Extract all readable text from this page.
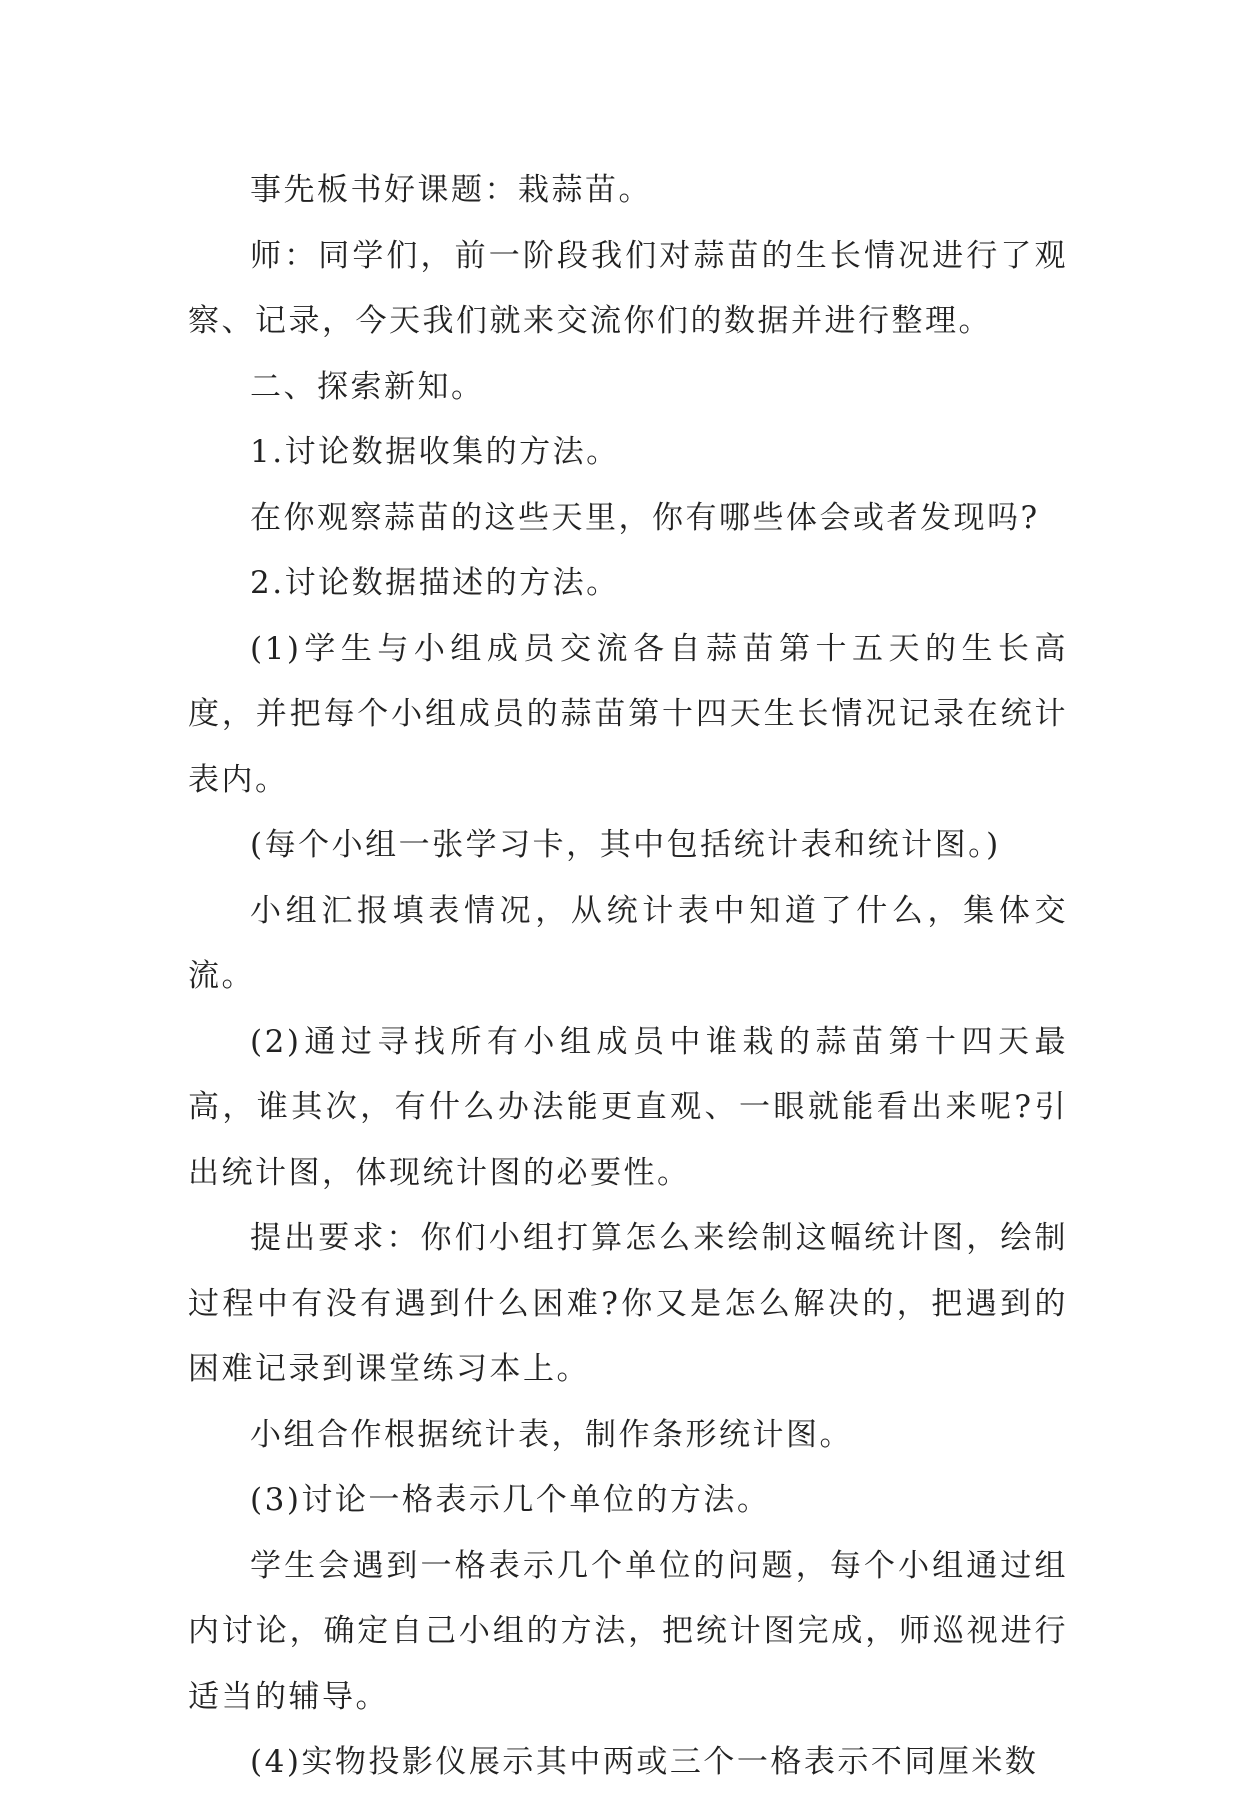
事先板书好课题：栽蒜苗。

师：同学们，前一阶段我们对蒜苗的生长情况进行了观察、记录，今天我们就来交流你们的数据并进行整理。

二、探索新知。

1.讨论数据收集的方法。

在你观察蒜苗的这些天里，你有哪些体会或者发现吗?

2.讨论数据描述的方法。

(1)学生与小组成员交流各自蒜苗第十五天的生长高度，并把每个小组成员的蒜苗第十四天生长情况记录在统计表内。

(每个小组一张学习卡，其中包括统计表和统计图。)

小组汇报填表情况，从统计表中知道了什么，集体交流。

(2)通过寻找所有小组成员中谁栽的蒜苗第十四天最高，谁其次，有什么办法能更直观、一眼就能看出来呢?引出统计图，体现统计图的必要性。

提出要求：你们小组打算怎么来绘制这幅统计图，绘制过程中有没有遇到什么困难?你又是怎么解决的，把遇到的困难记录到课堂练习本上。

小组合作根据统计表，制作条形统计图。

(3)讨论一格表示几个单位的方法。

学生会遇到一格表示几个单位的问题，每个小组通过组内讨论，确定自己小组的方法，把统计图完成，师巡视进行适当的辅导。

(4)实物投影仪展示其中两或三个一格表示不同厘米数
